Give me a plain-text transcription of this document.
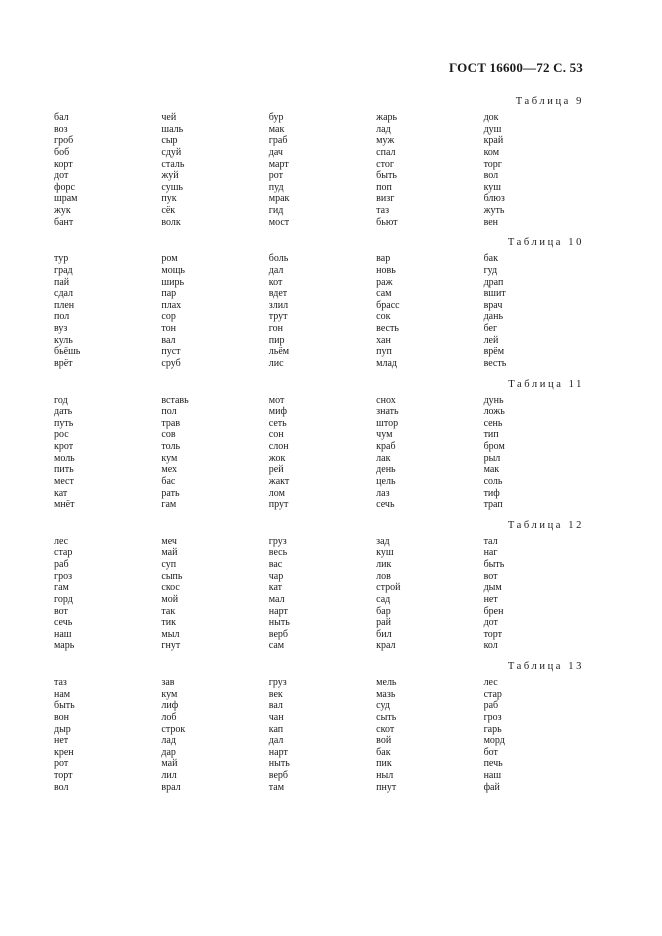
ГОСТ 16600—72 С. 53
Таблица 9
бал
воз
гроб
боб
корт
дот
форс
шрам
жук
бант
чей
шаль
сыр
сдуй
сталь
жуй
сушь
пук
сёк
волк
бур
мак
граб
дач
март
рот
пуд
мрак
гид
мост
жарь
лад
муж
спал
стог
быть
поп
визг
таз
бьют
док
душ
край
ком
торг
вол
куш
блюз
жуть
вен
Таблица 10
тур
град
пай
сдал
плен
пол
вуз
куль
бьёшь
врёт
ром
мощь
ширь
пар
плах
сор
тон
вал
пуст
сруб
боль
дал
кот
вдет
злил
трут
гон
пир
льём
лис
вар
новь
раж
сам
брасс
сок
весть
хан
пуп
млад
бак
гуд
драп
вшит
врач
дань
бег
лей
врём
весть
Таблица 11
год
дать
путь
рос
крот
моль
пить
мест
кат
мнёт
вставь
пол
трав
сов
толь
кум
мех
бас
рать
гам
мот
миф
сеть
сон
слон
жок
рей
жакт
лом
прут
снох
знать
штор
чум
краб
лак
день
цель
лаз
сечь
дунь
ложь
сень
тип
бром
рыл
мак
соль
тиф
трап
Таблица 12
лес
стар
раб
гроз
гам
горд
вот
сечь
наш
марь
меч
май
суп
сыпь
скос
мой
так
тик
мыл
гнут
груз
весь
вас
чар
кат
мал
нарт
ныть
верб
сам
зад
куш
лик
лов
строй
сад
бар
рай
бил
крал
тал
наг
быть
вот
дым
нет
брен
дот
торт
кол
Таблица 13
таз
нам
быть
вон
дыр
нет
крен
рот
торт
вол
зав
кум
лиф
лоб
строк
лад
дар
май
лил
врал
груз
век
вал
чан
кап
дал
нарт
ныть
верб
там
мель
мазь
суд
сыть
скот
вой
бак
пик
ныл
пнут
лес
стар
раб
гроз
гарь
морд
бот
печь
наш
фай
